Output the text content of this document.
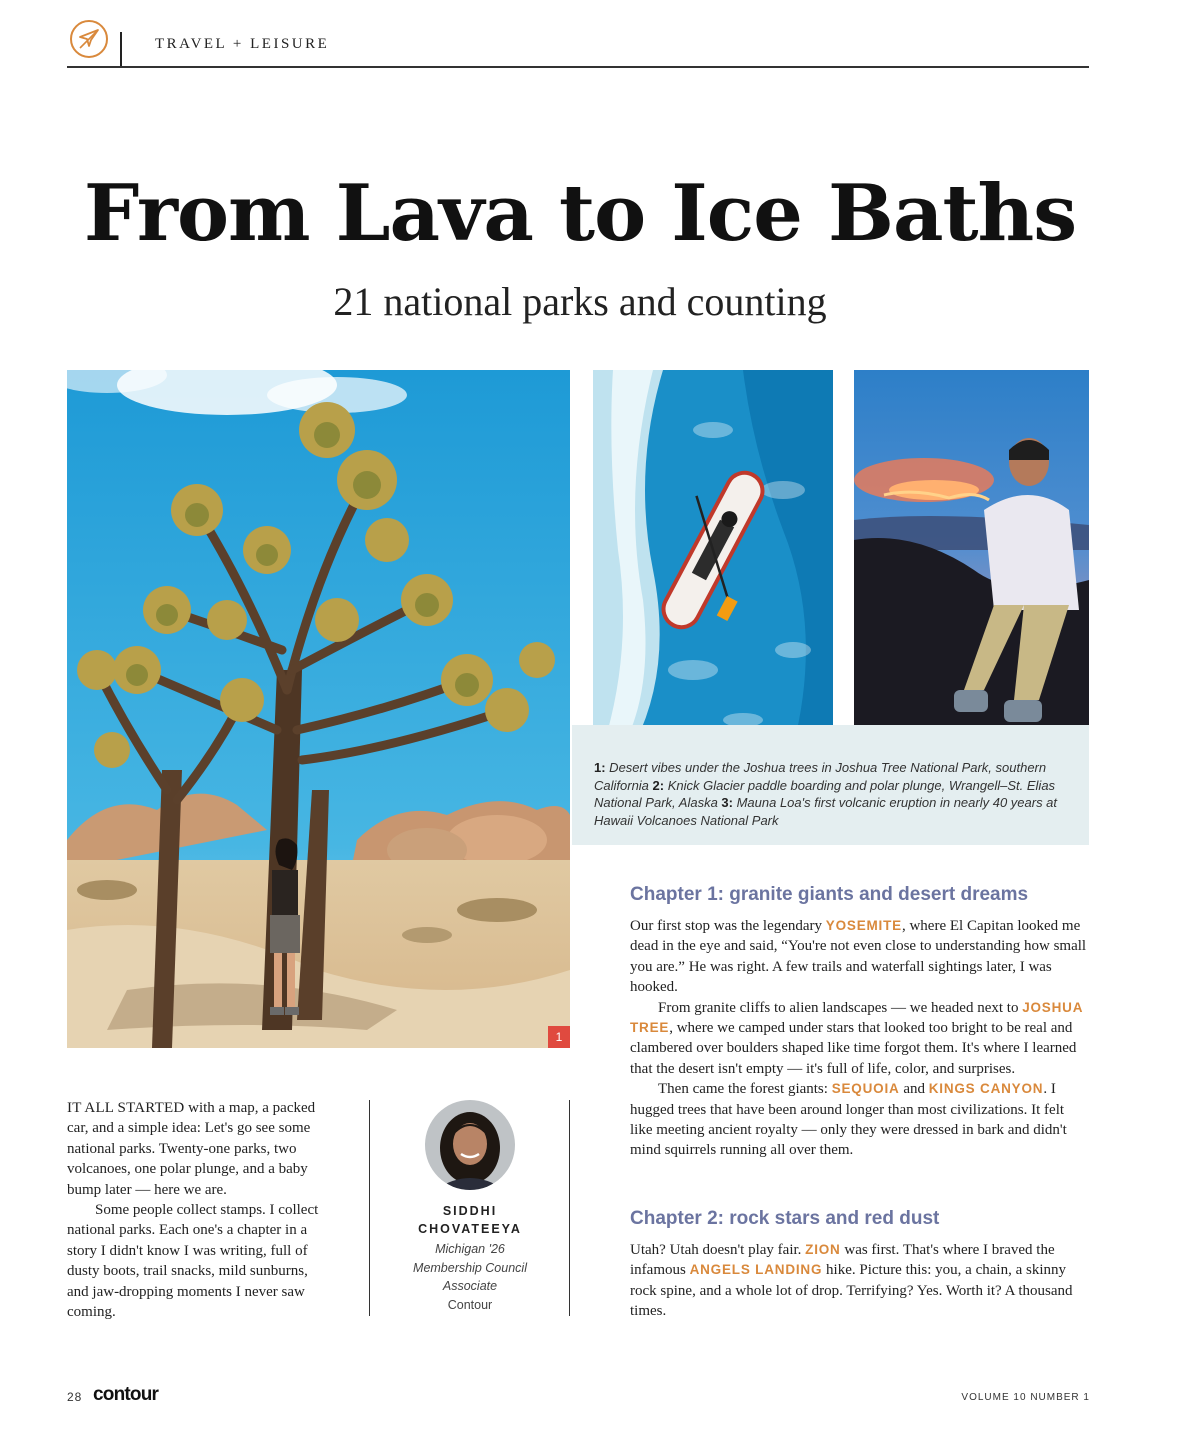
TRAVEL + LEISURE
From Lava to Ice Baths
21 national parks and counting
1
1: Desert vibes under the Joshua trees in Joshua Tree National Park, southern California 2: Knick Glacier paddle boarding and polar plunge, Wrangell–St. Elias National Park, Alaska 3: Mauna Loa's first volcanic eruption in nearly 40 years at Hawaii Volcanoes National Park

IT ALL STARTED with a map, a packed car, and a simple idea: Let's go see some national parks. Twenty-one parks, two volcanoes, one polar plunge, and a baby bump later — here we are.

Some people collect stamps. I collect national parks. Each one's a chapter in a story I didn't know I was writing, full of dusty boots, trail snacks, mild sunburns, and jaw-dropping moments I never saw coming.

SIDDHI
CHOVATEEYA
Michigan '26
Membership Council
Associate
Contour
Chapter 1: granite giants and desert dreams

Our first stop was the legendary YOSEMITE, where El Capitan looked me dead in the eye and said, “You're not even close to understanding how small you are.” He was right. A few trails and waterfall sightings later, I was hooked.

From granite cliffs to alien landscapes — we headed next to JOSHUA TREE, where we camped under stars that looked too bright to be real and clambered over boulders shaped like time forgot them. It's where I learned that the desert isn't empty — it's full of life, color, and surprises.

Then came the forest giants: SEQUOIA and KINGS CANYON. I hugged trees that have been around longer than most civilizations. It felt like meeting ancient royalty — only they were dressed in bark and didn't mind squirrels running all over them.

Chapter 2: rock stars and red dust

Utah? Utah doesn't play fair. ZION was first. That's where I braved the infamous ANGELS LANDING hike. Picture this: you, a chain, a skinny rock spine, and a whole lot of drop. Terrifying? Yes. Worth it? A thousand times.

28 contour	VOLUME 10 NUMBER 1
